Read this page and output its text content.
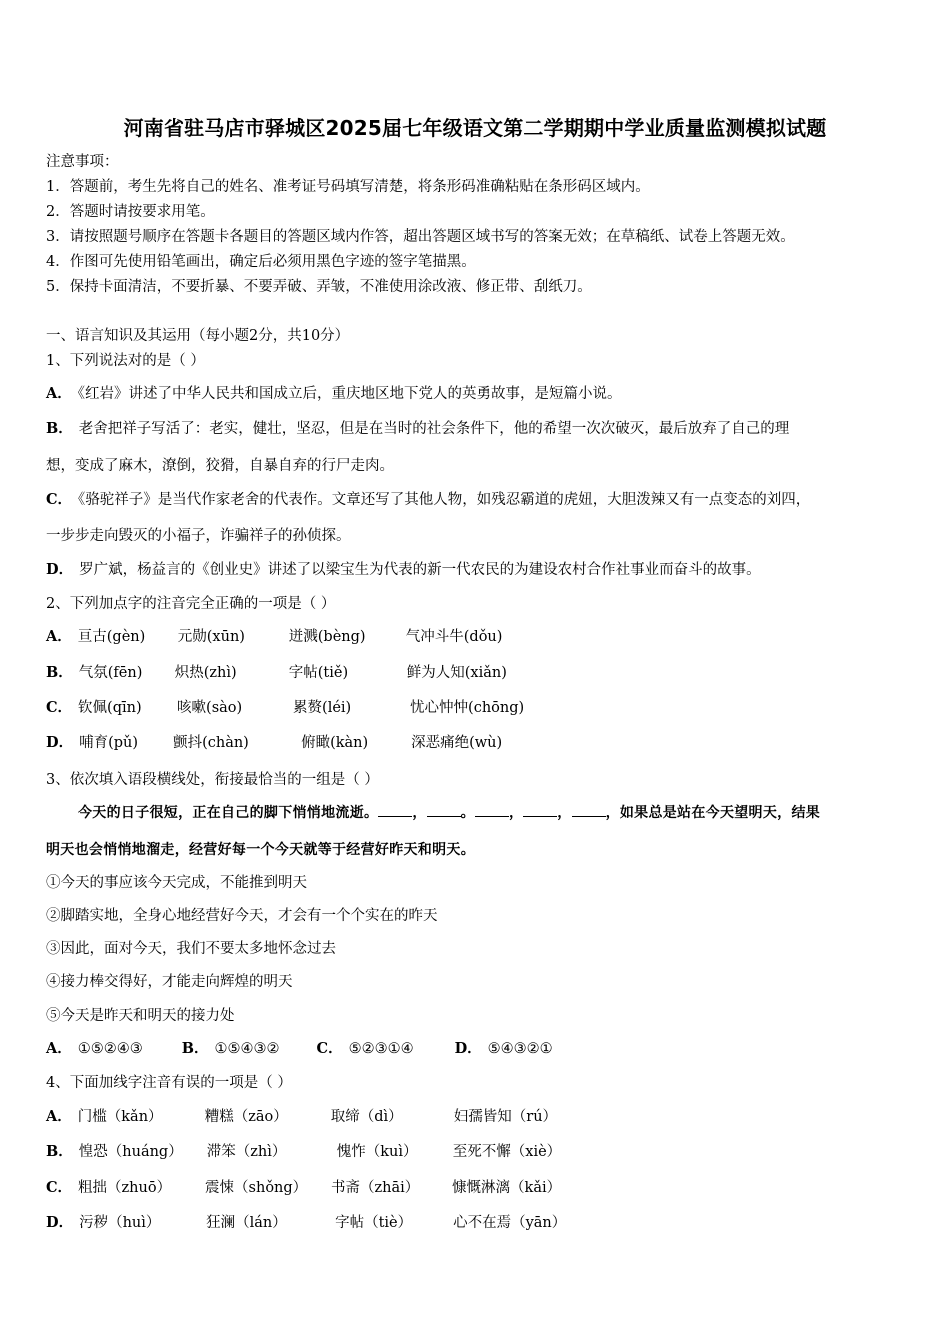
河南省驻马店市驿城区2025届七年级语文第二学期期中学业质量监测模拟试题
注意事项：
1．答题前，考生先将自己的姓名、准考证号码填写清楚，将条形码准确粘贴在条形码区域内。
2．答题时请按要求用笔。
3．请按照题号顺序在答题卡各题目的答题区域内作答，超出答题区域书写的答案无效；在草稿纸、试卷上答题无效。
4．作图可先使用铅笔画出，确定后必须用黑色字迹的签字笔描黑。
5．保持卡面清洁，不要折暴、不要弄破、弄皱，不准使用涂改液、修正带、刮纸刀。
一、语言知识及其运用（每小题2分，共10分）
1、下列说法对的是（ ）
A． 《红岩》讲述了中华人民共和国成立后，重庆地区地下党人的英勇故事，是短篇小说。
B． 老舍把祥子写活了：老实，健壮，坚忍，但是在当时的社会条件下，他的希望一次次破灭，最后放弃了自己的理
想，变成了麻木，潦倒，狡猾，自暴自弃的行尸走肉。
C． 《骆驼祥子》是当代作家老舍的代表作。文章还写了其他人物，如残忍霸道的虎妞，大胆泼辣又有一点变态的刘四，
一步步走向毁灭的小福子，诈骗祥子的孙侦探。
D． 罗广斌，杨益言的《创业史》讲述了以梁宝生为代表的新一代农民的为建设农村合作社事业而奋斗的故事。
2、下列加点字的注音完全正确的一项是（ ）
A． 亘古(gèn) 元勋(xūn)	迸溅(bèng)	气冲斗牛(dǒu)
B． 气氛(fēn) 炽热(zhì)	字帖(tiě)	鲜为人知(xiǎn)
C． 钦佩(qīn) 咳嗽(sào)	累赘(léi)	忧心忡忡(chōng)
D． 哺育(pǔ) 颤抖(chàn)	俯瞰(kàn)	深恶痛绝(wù)
3、依次填入语段横线处，衔接最恰当的一组是（ ）
今天的日子很短，正在自己的脚下悄悄地流逝。 ， 。 ， ， ，如果总是站在今天望明天，结果
明天也会悄悄地溜走，经营好每一个今天就等于经营好昨天和明天。
①今天的事应该今天完成，不能推到明天
②脚踏实地，全身心地经营好今天，才会有一个个实在的昨天
③因此，面对今天，我们不要太多地怀念过去
④接力棒交得好，才能走向辉煌的明天
⑤今天是昨天和明天的接力处
A． ①⑤②④③	B． ①⑤④③②	C． ⑤②③①④	D． ⑤④③②①
4、下面加线字注音有误的一项是（ ）
A． 门槛（kǎn）	糟糕（zāo）	取缔（dì）	妇孺皆知（rú）
B． 惶恐（huáng） 滞笨（zhì）	愧怍（kuì） 至死不懈（xiè）
C． 粗拙（zhuō） 震悚（shǒng） 书斋（zhāi） 慷慨淋漓（kǎi）
D． 污秽（huì）	狂澜（lán）	字帖（tiè）	心不在焉（yān）
